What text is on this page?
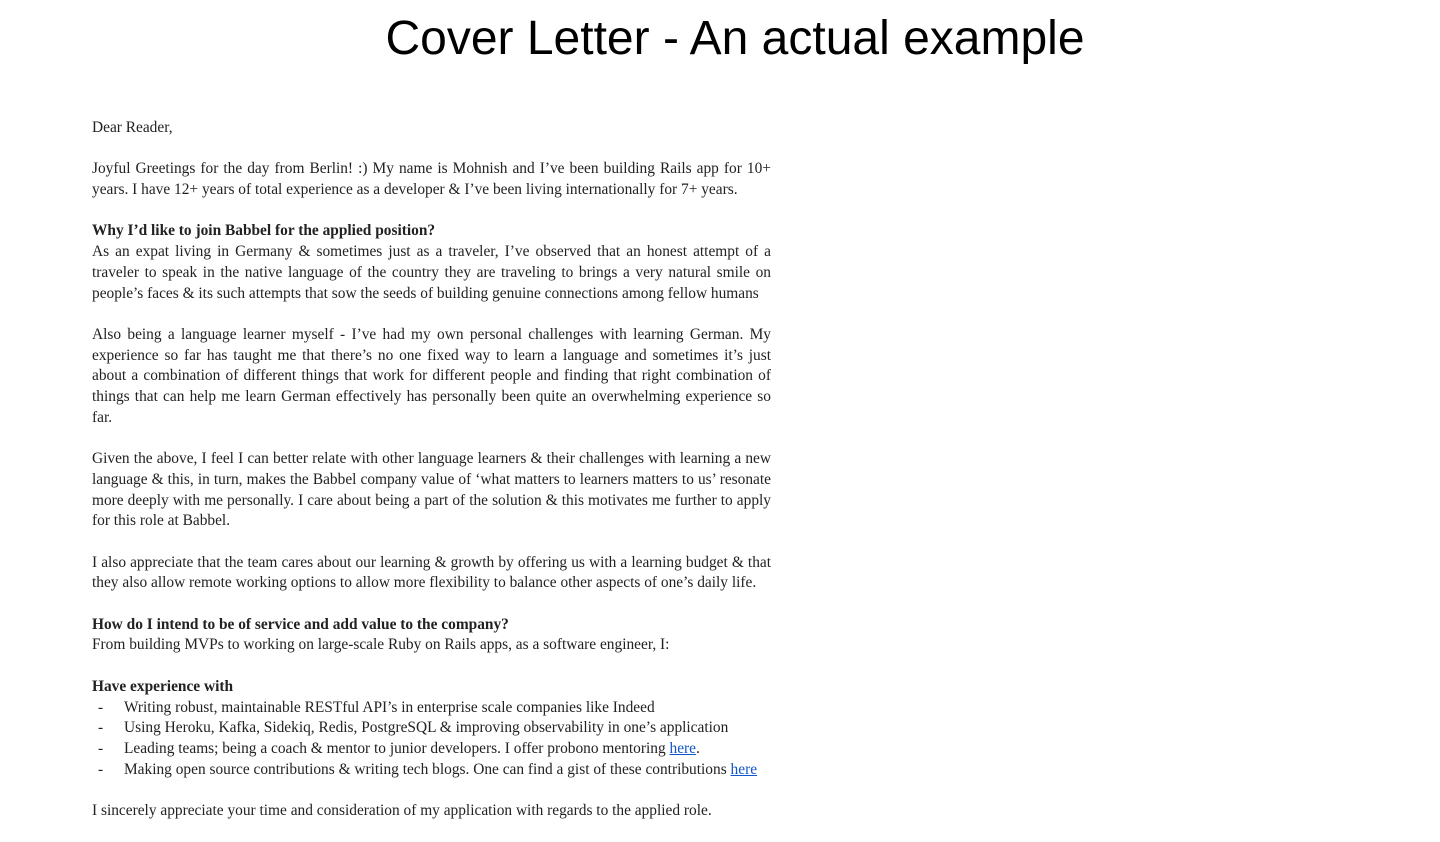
Cover Letter - An actual example

Dear Reader,

Joyful Greetings for the day from Berlin! :) My name is Mohnish and I’ve been building Rails app for 10+ years. I have 12+ years of total experience as a developer & I’ve been living internationally for 7+ years.

Why I’d like to join Babbel for the applied position?

As an expat living in Germany & sometimes just as a traveler, I’ve observed that an honest attempt of a traveler to speak in the native language of the country they are traveling to brings a very natural smile on people’s faces & its such attempts that sow the seeds of building genuine connections among fellow humans

Also being a language learner myself - I’ve had my own personal challenges with learning German. My experience so far has taught me that there’s no one fixed way to learn a language and sometimes it’s just about a combination of different things that work for different people and finding that right combination of things that can help me learn German effectively has personally been quite an overwhelming experience so far.

Given the above, I feel I can better relate with other language learners & their challenges with learning a new language & this, in turn, makes the Babbel company value of ‘what matters to learners matters to us’ resonate more deeply with me personally. I care about being a part of the solution & this motivates me further to apply for this role at Babbel.

I also appreciate that the team cares about our learning & growth by offering us with a learning budget & that they also allow remote working options to allow more flexibility to balance other aspects of one’s daily life.

How do I intend to be of service and add value to the company?

From building MVPs to working on large-scale Ruby on Rails apps, as a software engineer, I:

Have experience with

- Writing robust, maintainable RESTful API’s in enterprise scale companies like Indeed
- Using Heroku, Kafka, Sidekiq, Redis, PostgreSQL & improving observability in one’s application
- Leading teams; being a coach & mentor to junior developers. I offer probono mentoring here.
- Making open source contributions & writing tech blogs. One can find a gist of these contributions here

I sincerely appreciate your time and consideration of my application with regards to the applied role.
